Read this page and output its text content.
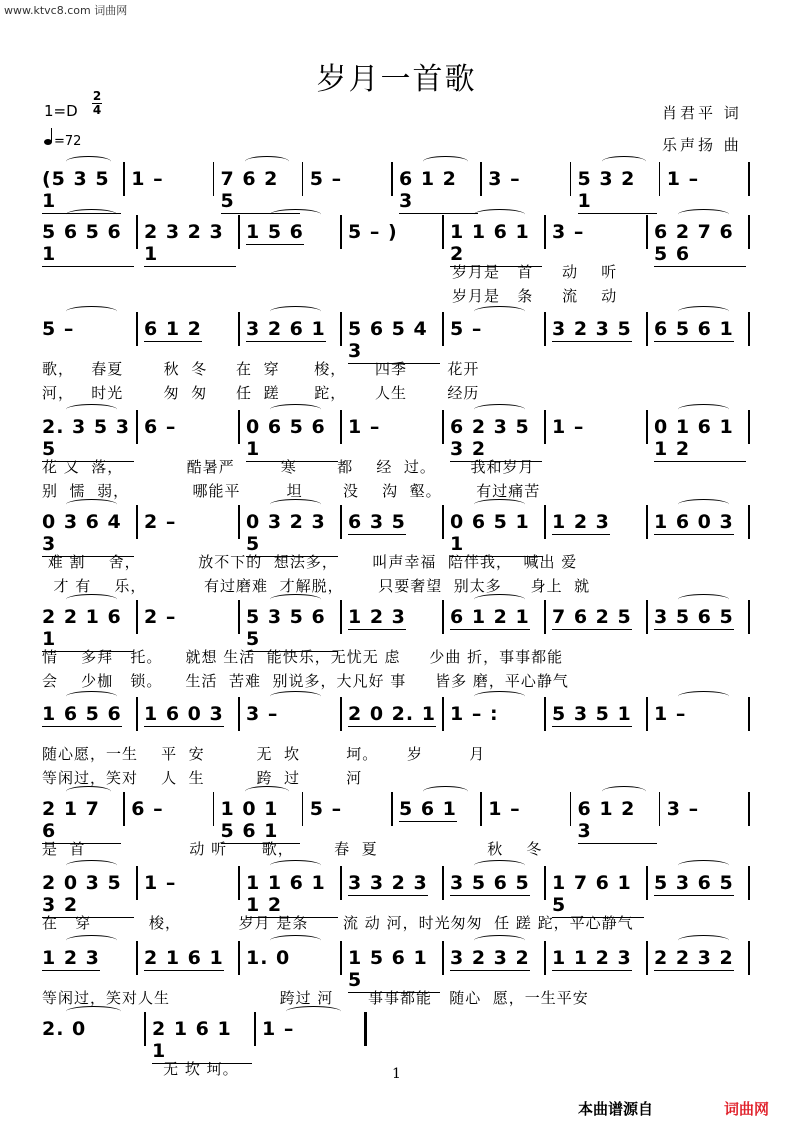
www.ktvc8.com 词曲网
岁月一首歌
1=D
2
4
=72
肖君平 词
乐声扬 曲
(5 3 5 1
1 –	7 6 2 5
5 –	6 1 2 3
3 –	5 3 2 1
1 –
5 6 5 6 1
2 3 2 3 1
1 5 6 5 – )	1 1 6 1 2
3 –	6 2 7 6 5 6
岁月是   首     动    听
岁月是   条     流    动
5 –	6 1 2 3 2 6 1 5 6 5 4 3
5 –	3 2 3 5 6 5 6 1
歌，   春夏       秋  冬     在  穿      梭，     四季       花开
河，   时光       匆  匆     任  蹉      跎，     人生       经历
2. 3 5 3 5
6 –	0 6 5 6 1
1 –	6 2 3 5 3 2
1 –	0 1 6 1 1 2
花 又  落，           酷暑严        寒       都    经  过。      我和岁月
别  懦  弱，           哪能平        坦       没    沟  壑。      有过痛苦
0 3 6 4 3
2 –	0 3 2 3 5
6 3 5 0 6 5 1 1
1 2 3 1 6 0 3
难 割    舍，          放不下的  想法多，      叫声幸福  陪伴我，  喊出 爱
才 有    乐，          有过磨难  才解脱，      只要奢望  别太多     身上  就
2 2 1 6 1
2 –	5 3 5 6 5
1 2 3 6 1 2 1 7 6 2 5 3 5 6 5
情    多拜   托。    就想 生活  能快乐，无忧无 虑     少曲 折，事事都能
会    少枷   锁。    生活  苦难  别说多，大凡好 事     皆多 磨，平心静气
1 6 5 6 1 6 0 3 3 –	2 0 2. 1 1 – :	5 3 5 1 1 –
随心愿，一生    平  安         无  坎        坷。     岁        月
等闲过，笑对    人  生         跨  过        河
2 1 7 6
6 –	1 0 1 5 6 1
5 –	5 6 1 1 –	6 1 2 3
3 –
是  首                  动 听      歌，       春  夏                   秋    冬
2 0 3 5 3 2
1 –	1 1 6 1 1 2
3 3 2 3 3 5 6 5 1 7 6 1 5
5 3 6 5
在   穿          梭，          岁月 是条      流 动 河，时光匆匆  任 蹉 跎，平心静气
1 2 3 2 1 6 1 1. 0	1 5 6 1 5
3 2 3 2 1 1 2 3 2 2 3 2
等闲过，笑对人生                   跨过 河      事事都能   随心  愿，一生平安
2. 0	2 1 6 1 1
1 –
无 坎 坷。	1
本曲谱源自	词曲网
